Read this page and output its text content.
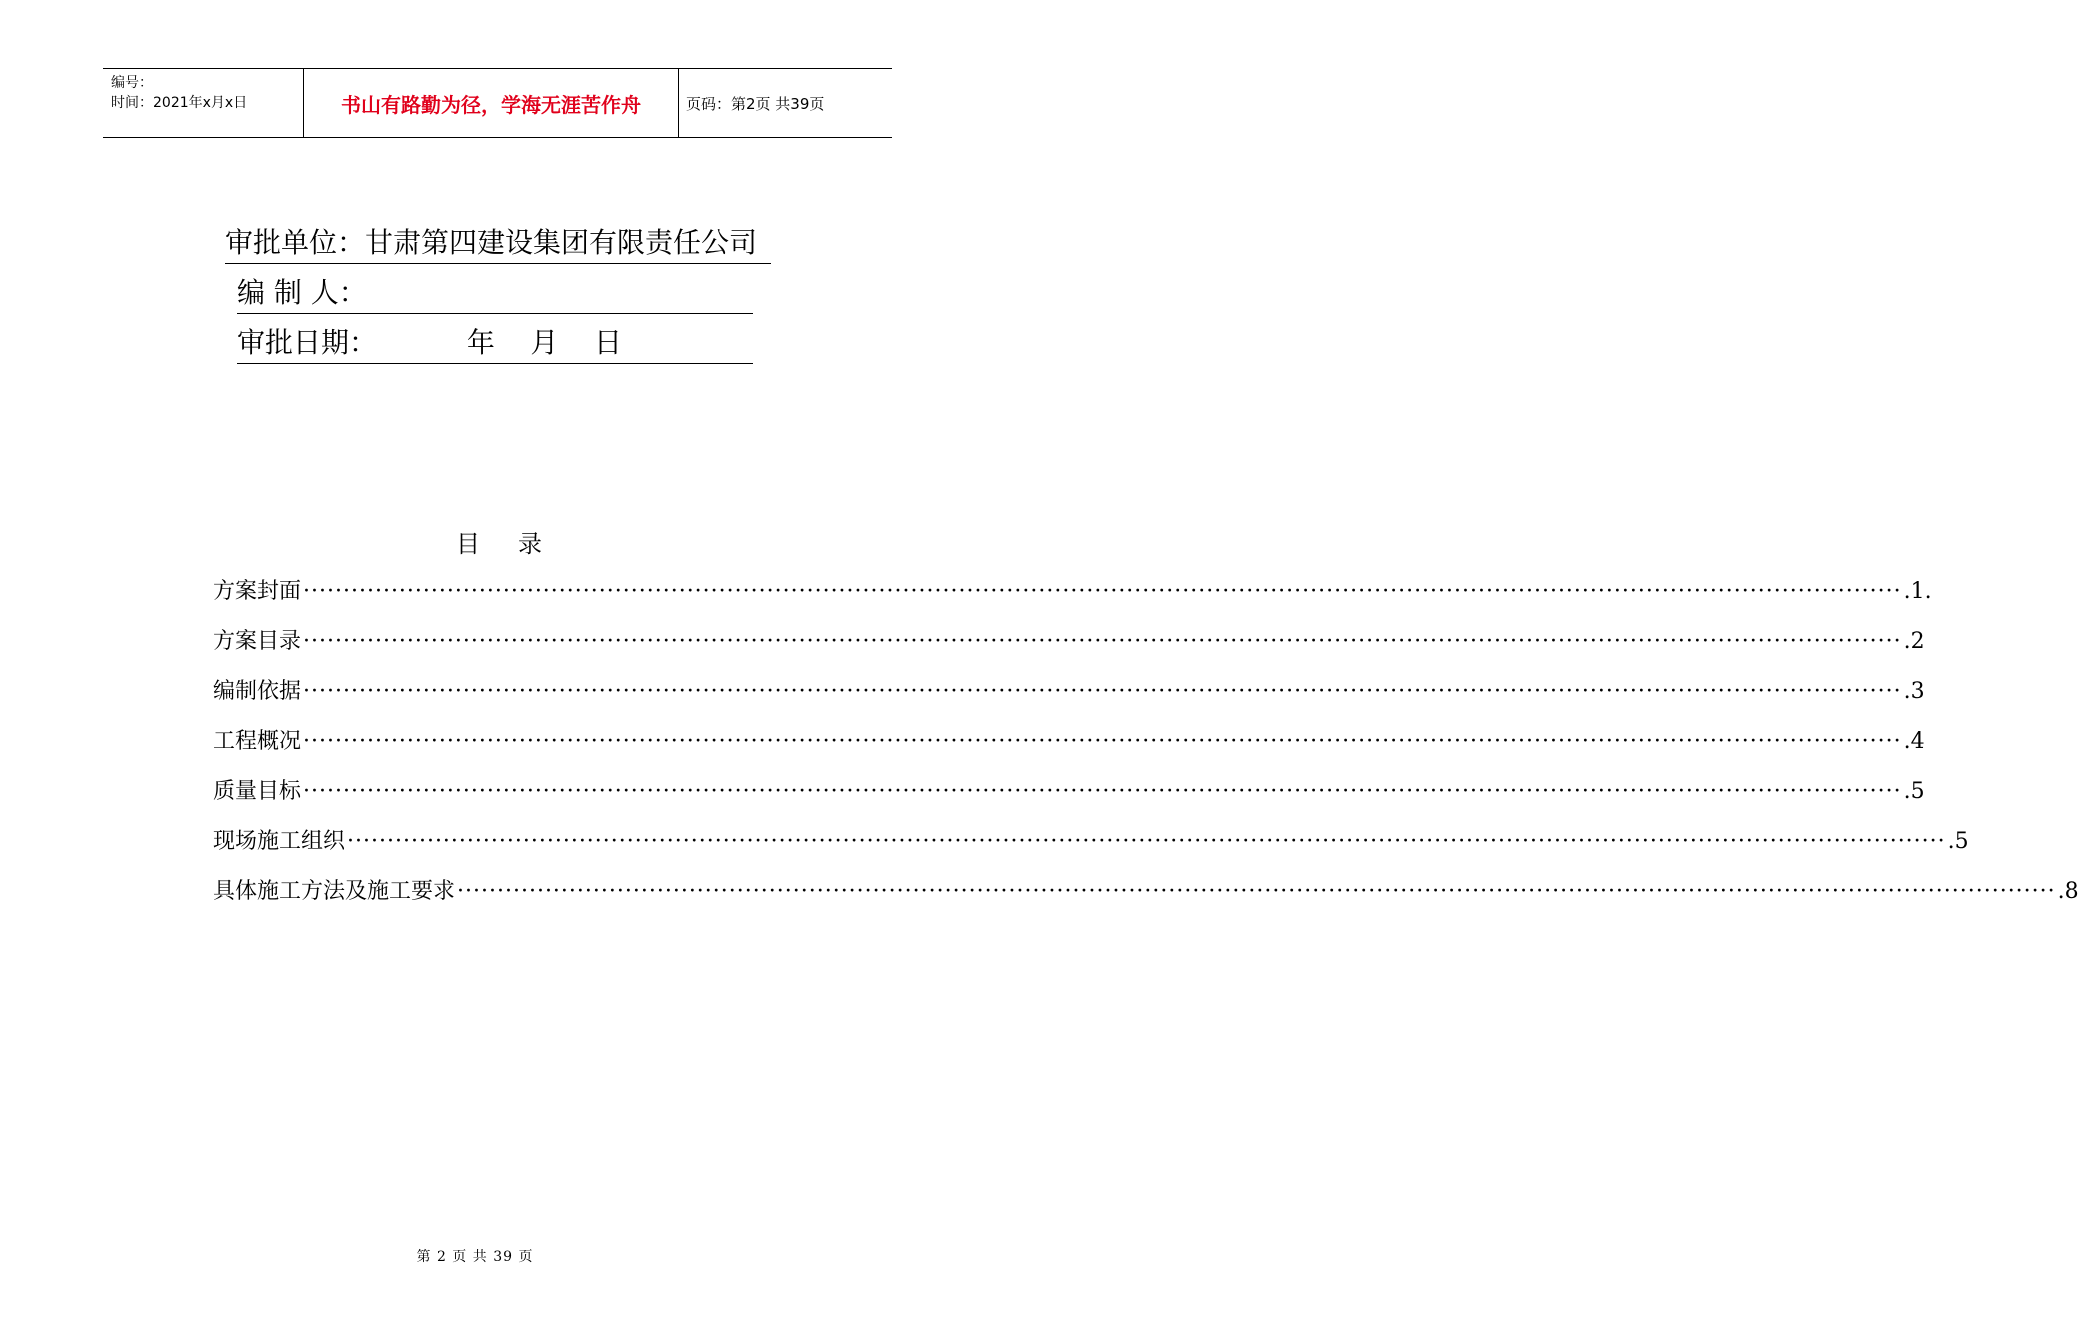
编号：
时间：2021年x月x日	书山有路勤为径，学海无涯苦作舟	页码：第2页 共39页
审批单位：甘肃第四建设集团有限责任公司
编 制 人：
审批日期：	年    月    日
目 录
方案封面 ········································································································································································································ .1.
方案目录 ········································································································································································································ .2
编制依据 ········································································································································································································ .3
工程概况 ········································································································································································································ .4
质量目标 ········································································································································································································ .5
现场施工组织 ········································································································································································································ .5
具体施工方法及施工要求 ········································································································································································································ .8
第 2 页 共 39 页
